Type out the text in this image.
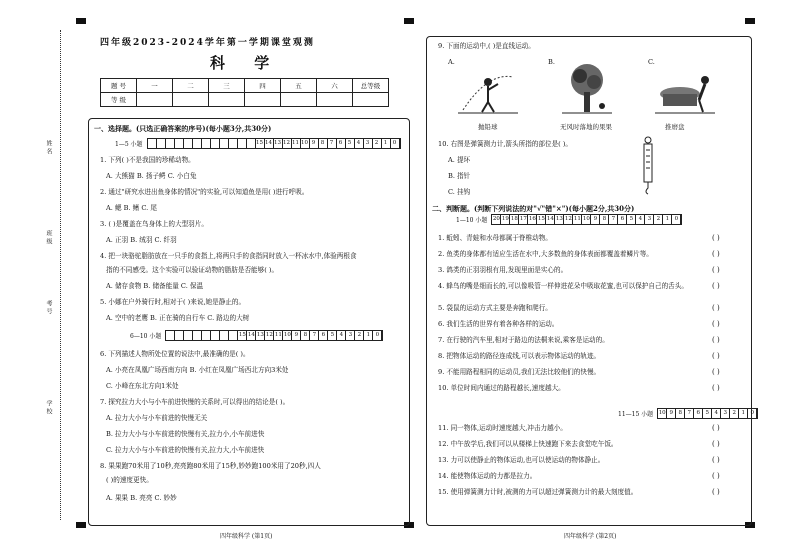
姓名
班级
考号
学校
四年级2023-2024学年第一学期课堂观测
科 学
题 号	一	二	三	四	五	六	总等级
等 级							
一、选择题。(只选正确答案的序号)(每小题3分,共30分)
1—5 小题	15 14 13 12 11 10 9	8	7	6	5	4	3	2	1	0
1. 下列( )不是我国的珍稀动物。
A. 大熊猫 B. 扬子鳄 C. 小白兔
2. 通过"研究水进出鱼身体的情况"的实验,可以知道鱼是用( )进行呼吸。
A. 鳃 B. 鳍 C. 尾
3. ( )是覆盖在鸟身体上的大型羽片。
A. 正羽 B. 绒羽 C. 纤羽
4. 把一块骆驼脂肪放在一只手的食指上,将两只手的食指同时放入一杯冰水中,体验两根食
指的不同感受。这个实验可以验证动物的脂肪是否能够( )。
A. 储存食物 B. 储备能量 C. 保温
5. 小娜在户外骑行时,相对于( )来说,她是静止的。
A. 空中的老鹰 B. 正在骑的自行车 C. 路边的大树
6. 下列描述人物所处位置的说法中,最准确的是( )。
A. 小亮在凤凰广场西南方向 B. 小红在凤凰广场西北方向3米处
C. 小峰在东北方向1米处
7. 探究拉力大小与小车前进快慢的关系时,可以得出的结论是( )。
A. 拉力大小与小车前进的快慢无关
B. 拉力大小与小车前进的快慢有关,拉力小,小车前进快
C. 拉力大小与小车前进的快慢有关,拉力大,小车前进快
8. 果果跑70米用了10秒,亮亮跑80米用了15秒,妙妙跑100米用了20秒,四人
( )的速度更快。
A. 果果 B. 亮亮 C. 妙妙
6—10 小题	15 14 13 12 11 10 9	8	7	6	5	4	3	2	1	0
四年级科学 (第1页)
9. 下面的运动中,( )是直线运动。
A.	B.	C.
抛铅球	无风时落地的果果	推磨盘
10. 右图是弹簧测力计,箭头所指的部位是( )。
A. 提环
B. 指针
C. 挂钩
二、判断题。(判断下列说法的对"√"错"×")(每小题2分,共30分)
1—10 小题 20 19 18 17 16 15 14 13 12 11 10 9	8	7	6	5	4	3	2	1	0
1. 蚯蚓、青蛙和水母都属于脊椎动物。	( )
2. 鱼类的身体都有适应生活在水中,大多数鱼的身体表面都覆盖着鳞片等。	( )
3. 鸽类的正羽羽根有用,发现里面是实心的。	( )
4. 蜂鸟的嘴是细而长的,可以像吸管一样伸进花朵中吸取花蜜,也可以保护自己的舌头。	( )
5. 袋鼠的运动方式主要是奔跑和爬行。	( )
6. 我们生活的世界有着各种各样的运动。	( )
7. 在行驶的汽车里,相对于路边的法桐来说,乘客是运动的。	( )
8. 把物体运动的路径连成线,可以表示物体运动的轨迹。	( )
9. 不能用路程相同的运动员,我们无法比较他们的快慢。	( )
10. 单位时间内通过的路程越长,速度越大。	( )
11. 同一物体,运动时速度越大,冲击力越小。	( )
12. 中午放学后,我们可以从楼梯上快速跑下来去食堂吃午饭。	( )
13. 力可以使静止的物体运动,也可以使运动的物体静止。	( )
14. 能使物体运动的力都是拉力。	( )
15. 使用弹簧测力计时,被测的力可以超过弹簧测力计的最大刻度值。	( )
11—15 小题 10 9	8	7	6	5	4	3	2	1	0
四年级科学 (第2页)
